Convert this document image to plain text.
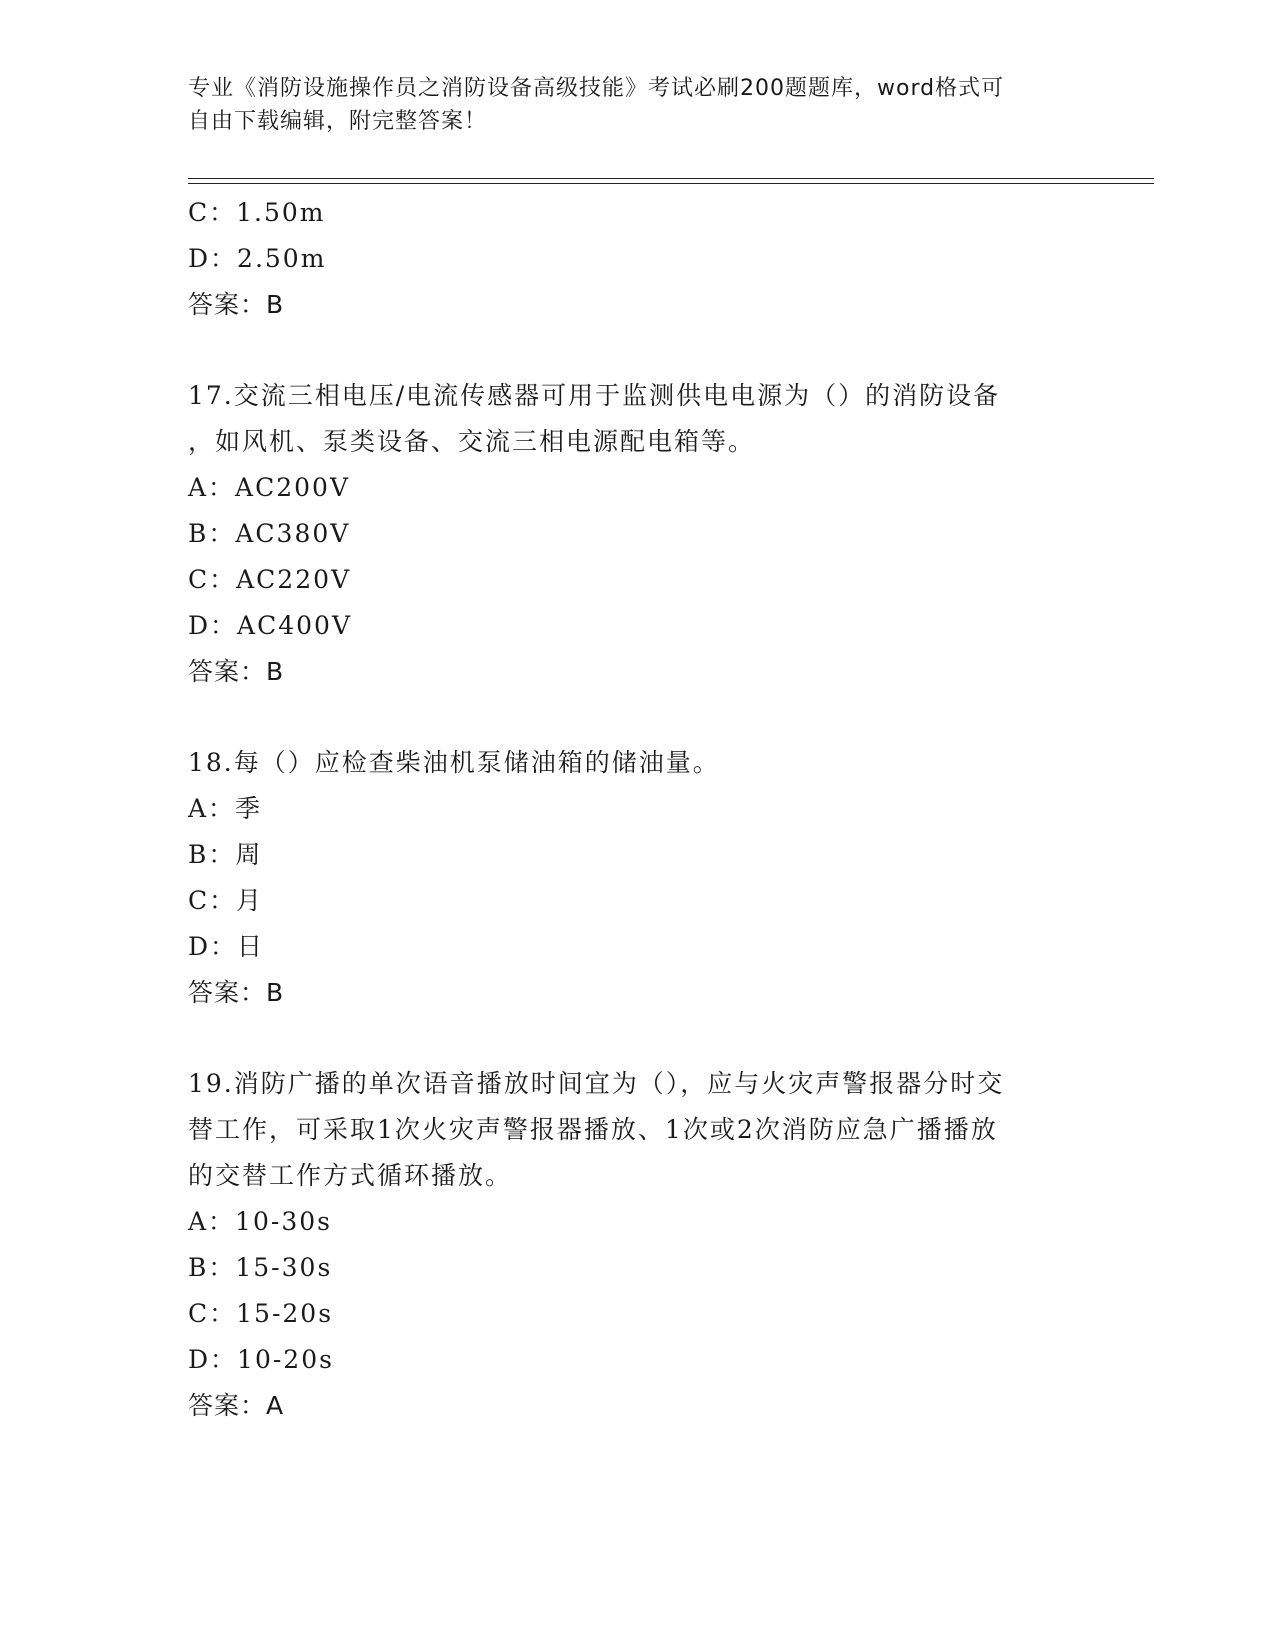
专业《消防设施操作员之消防设备高级技能》考试必刷200题题库，word格式可
自由下载编辑，附完整答案！
C：1.50m
D：2.50m
答案：B
17.交流三相电压/电流传感器可用于监测供电电源为（）的消防设备
，如风机、泵类设备、交流三相电源配电箱等。
A：AC200V
B：AC380V
C：AC220V
D：AC400V
答案：B
18.每（）应检查柴油机泵储油箱的储油量。
A：季
B：周
C：月
D：日
答案：B
19.消防广播的单次语音播放时间宜为（），应与火灾声警报器分时交
替工作，可采取1次火灾声警报器播放、1次或2次消防应急广播播放
的交替工作方式循环播放。
A：10-30s
B：15-30s
C：15-20s
D：10-20s
答案：A
